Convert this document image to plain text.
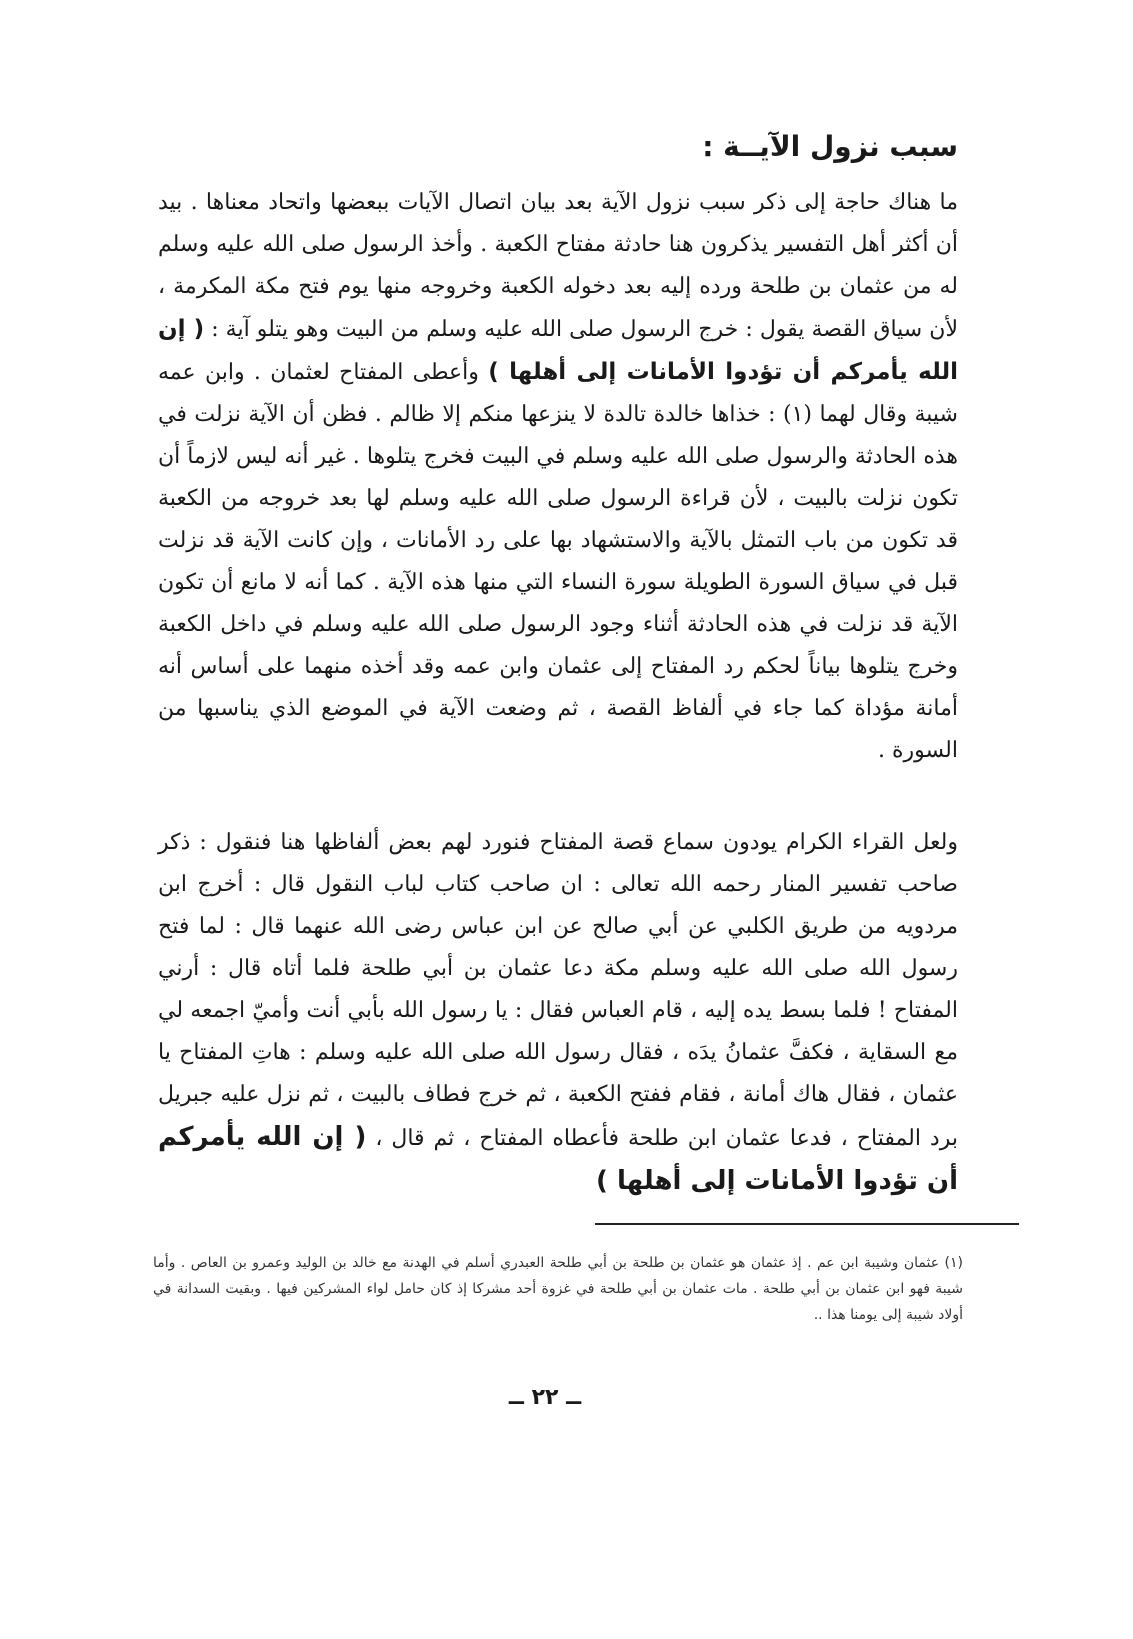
سبب نزول الآيــة :

ما هناك حاجة إلى ذكر سبب نزول الآية بعد بيان اتصال الآيات ببعضها واتحاد معناها . بيد أن أكثر أهل التفسير يذكرون هنا حادثة مفتاح الكعبة . وأخذ الرسول صلى الله عليه وسلم له من عثمان بن طلحة ورده إليه بعد دخوله الكعبة وخروجه منها يوم فتح مكة المكرمة ، لأن سياق القصة يقول : خرج الرسول صلى الله عليه وسلم من البيت وهو يتلو آية : ( إن الله يأمركم أن تؤدوا الأمانات إلى أهلها ) وأعطى المفتاح لعثمان . وابن عمه شيبة وقال لهما (١) : خذاها خالدة تالدة لا ينزعها منكم إلا ظالم . فظن أن الآية نزلت في هذه الحادثة والرسول صلى الله عليه وسلم في البيت فخرج يتلوها . غير أنه ليس لازماً أن تكون نزلت بالبيت ، لأن قراءة الرسول صلى الله عليه وسلم لها بعد خروجه من الكعبة قد تكون من باب التمثل بالآية والاستشهاد بها على رد الأمانات ، وإن كانت الآية قد نزلت قبل في سياق السورة الطويلة سورة النساء التي منها هذه الآية . كما أنه لا مانع أن تكون الآية قد نزلت في هذه الحادثة أثناء وجود الرسول صلى الله عليه وسلم في داخل الكعبة وخرج يتلوها بياناً لحكم رد المفتاح إلى عثمان وابن عمه وقد أخذه منهما على أساس أنه أمانة مؤداة كما جاء في ألفاظ القصة ، ثم وضعت الآية في الموضع الذي يناسبها من السورة .

ولعل القراء الكرام يودون سماع قصة المفتاح فنورد لهم بعض ألفاظها هنا فنقول : ذكر صاحب تفسير المنار رحمه الله تعالى : ان صاحب كتاب لباب النقول قال : أخرج ابن مردويه من طريق الكلبي عن أبي صالح عن ابن عباس رضى الله عنهما قال : لما فتح رسول الله صلى الله عليه وسلم مكة دعا عثمان بن أبي طلحة فلما أتاه قال : أرني المفتاح ! فلما بسط يده إليه ، قام العباس فقال : يا رسول الله بأبي أنت وأميّ اجمعه لي مع السقاية ، فكفَّ عثمانُ يدَه ، فقال رسول الله صلى الله عليه وسلم : هاتِ المفتاح يا عثمان ، فقال هاك أمانة ، فقام ففتح الكعبة ، ثم خرج فطاف بالبيت ، ثم نزل عليه جبريل برد المفتاح ، فدعا عثمان ابن طلحة فأعطاه المفتاح ، ثم قال ، ( إن الله يأمركم أن تؤدوا الأمانات إلى أهلها )

(١) عثمان وشيبة ابن عم . إذ عثمان هو عثمان بن طلحة بن أبي طلحة العبدري أسلم في الهدنة مع خالد بن الوليد وعمرو بن العاص . وأما شيبة فهو ابن عثمان بن أبي طلحة . مات عثمان بن أبي طلحة في غزوة أحد مشركا إذ كان حامل لواء المشركين فيها . وبقيت السدانة في أولاد شيبة إلى يومنا هذا ..

ــ ٢٢ ــ
